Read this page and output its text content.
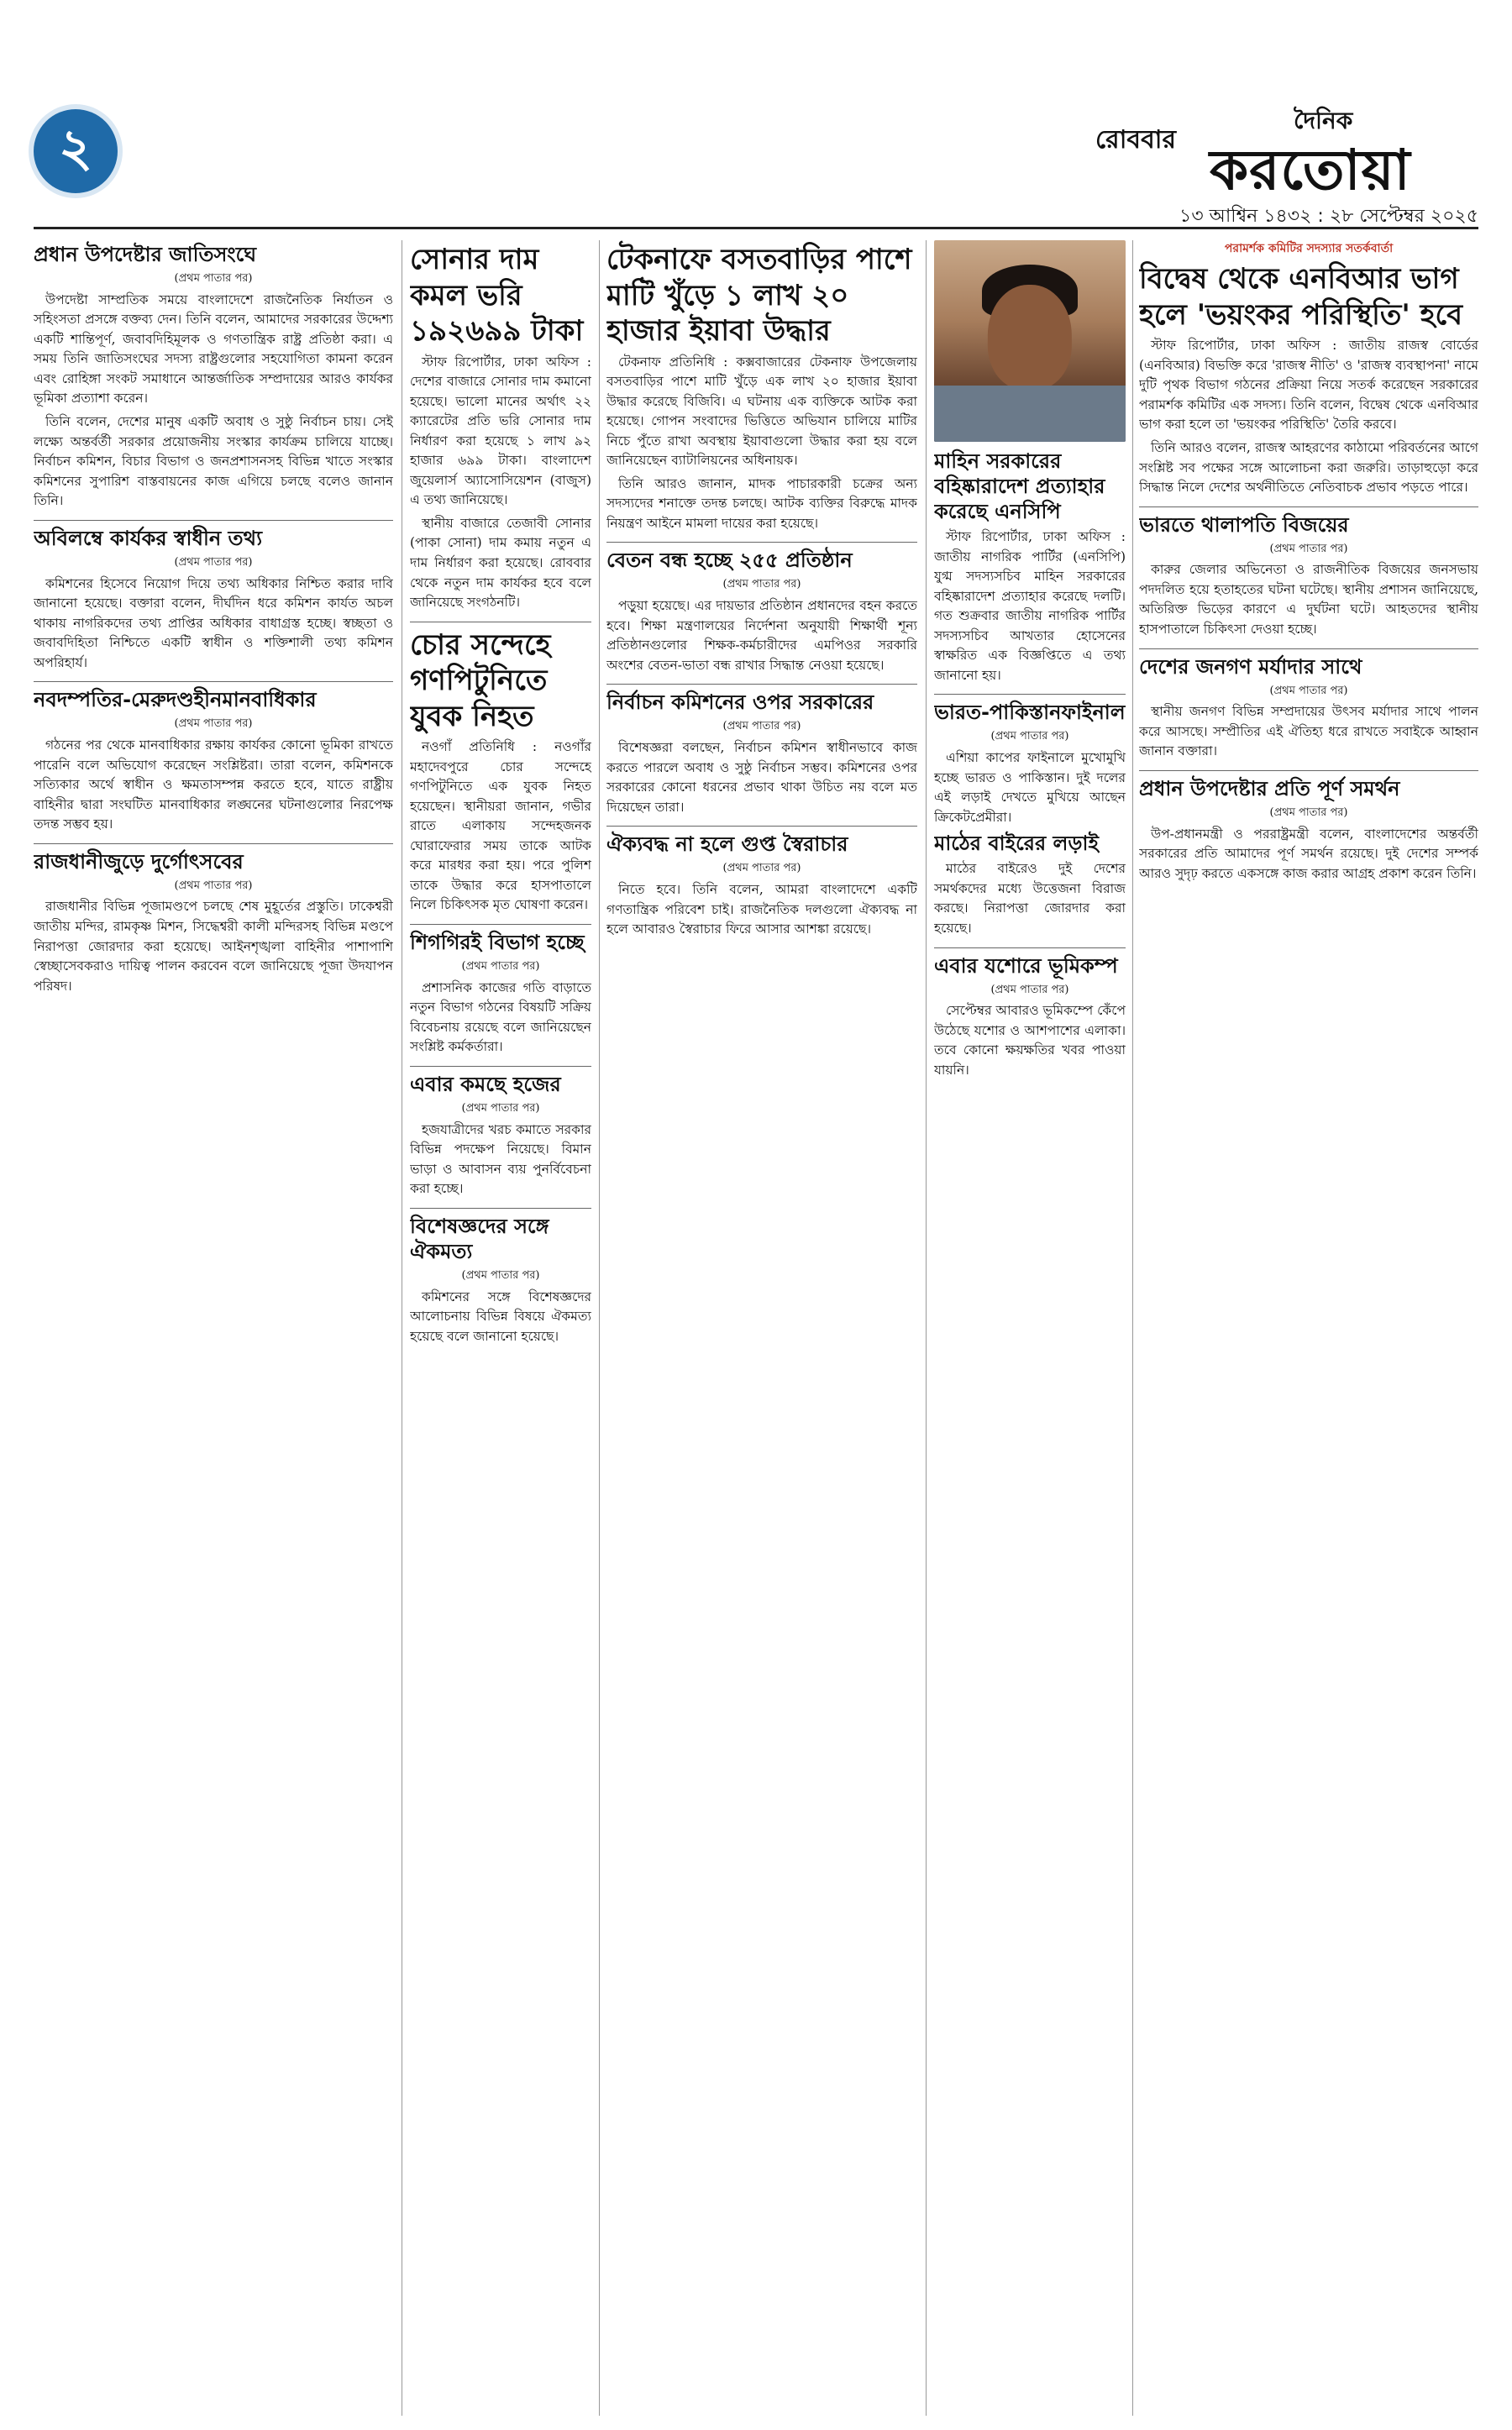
২	রোববার
দৈনিক
করতোয়া
১৩ আশ্বিন ১৪৩২ : ২৮ সেপ্টেম্বর ২০২৫
প্রধান উপদেষ্টার জাতিসংঘে
(প্রথম পাতার পর)

উপদেষ্টা সাম্প্রতিক সময়ে বাংলাদেশে রাজনৈতিক নির্যাতন ও সহিংসতা প্রসঙ্গে বক্তব্য দেন। তিনি বলেন, আমাদের সরকারের উদ্দেশ্য একটি শান্তিপূর্ণ, জবাবদিহিমূলক ও গণতান্ত্রিক রাষ্ট্র প্রতিষ্ঠা করা। এ সময় তিনি জাতিসংঘের সদস্য রাষ্ট্রগুলোর সহযোগিতা কামনা করেন এবং রোহিঙ্গা সংকট সমাধানে আন্তর্জাতিক সম্প্রদায়ের আরও কার্যকর ভূমিকা প্রত্যাশা করেন।

তিনি বলেন, দেশের মানুষ একটি অবাধ ও সুষ্ঠু নির্বাচন চায়। সেই লক্ষ্যে অন্তর্বর্তী সরকার প্রয়োজনীয় সংস্কার কার্যক্রম চালিয়ে যাচ্ছে। নির্বাচন কমিশন, বিচার বিভাগ ও জনপ্রশাসনসহ বিভিন্ন খাতে সংস্কার কমিশনের সুপারিশ বাস্তবায়নের কাজ এগিয়ে চলছে বলেও জানান তিনি।

অবিলম্বে কার্যকর স্বাধীন তথ্য
(প্রথম পাতার পর)

কমিশনের হিসেবে নিয়োগ দিয়ে তথ্য অধিকার নিশ্চিত করার দাবি জানানো হয়েছে। বক্তারা বলেন, দীর্ঘদিন ধরে কমিশন কার্যত অচল থাকায় নাগরিকদের তথ্য প্রাপ্তির অধিকার বাধাগ্রস্ত হচ্ছে। স্বচ্ছতা ও জবাবদিহিতা নিশ্চিতে একটি স্বাধীন ও শক্তিশালী তথ্য কমিশন অপরিহার্য।

নবদম্পতির-মেরুদণ্ডহীনমানবাধিকার
(প্রথম পাতার পর)

গঠনের পর থেকে মানবাধিকার রক্ষায় কার্যকর কোনো ভূমিকা রাখতে পারেনি বলে অভিযোগ করেছেন সংশ্লিষ্টরা। তারা বলেন, কমিশনকে সত্যিকার অর্থে স্বাধীন ও ক্ষমতাসম্পন্ন করতে হবে, যাতে রাষ্ট্রীয় বাহিনীর দ্বারা সংঘটিত মানবাধিকার লঙ্ঘনের ঘটনাগুলোর নিরপেক্ষ তদন্ত সম্ভব হয়।

রাজধানীজুড়ে দুর্গোৎসবের
(প্রথম পাতার পর)

রাজধানীর বিভিন্ন পূজামণ্ডপে চলছে শেষ মুহূর্তের প্রস্তুতি। ঢাকেশ্বরী জাতীয় মন্দির, রামকৃষ্ণ মিশন, সিদ্ধেশ্বরী কালী মন্দিরসহ বিভিন্ন মণ্ডপে নিরাপত্তা জোরদার করা হয়েছে। আইনশৃঙ্খলা বাহিনীর পাশাপাশি স্বেচ্ছাসেবকরাও দায়িত্ব পালন করবেন বলে জানিয়েছে পূজা উদযাপন পরিষদ।

সোনার দাম কমল ভরি ১৯২৬৯৯ টাকা

স্টাফ রিপোর্টার, ঢাকা অফিস : দেশের বাজারে সোনার দাম কমানো হয়েছে। ভালো মানের অর্থাৎ ২২ ক্যারেটের প্রতি ভরি সোনার দাম নির্ধারণ করা হয়েছে ১ লাখ ৯২ হাজার ৬৯৯ টাকা। বাংলাদেশ জুয়েলার্স অ্যাসোসিয়েশন (বাজুস) এ তথ্য জানিয়েছে।

স্থানীয় বাজারে তেজাবী সোনার (পাকা সোনা) দাম কমায় নতুন এ দাম নির্ধারণ করা হয়েছে। রোববার থেকে নতুন দাম কার্যকর হবে বলে জানিয়েছে সংগঠনটি।

চোর সন্দেহে গণপিটুনিতে যুবক নিহত

নওগাঁ প্রতিনিধি : নওগাঁর মহাদেবপুরে চোর সন্দেহে গণপিটুনিতে এক যুবক নিহত হয়েছেন। স্থানীয়রা জানান, গভীর রাতে এলাকায় সন্দেহজনক ঘোরাফেরার সময় তাকে আটক করে মারধর করা হয়। পরে পুলিশ তাকে উদ্ধার করে হাসপাতালে নিলে চিকিৎসক মৃত ঘোষণা করেন।

শিগগিরই বিভাগ হচ্ছে
(প্রথম পাতার পর)

প্রশাসনিক কাজের গতি বাড়াতে নতুন বিভাগ গঠনের বিষয়টি সক্রিয় বিবেচনায় রয়েছে বলে জানিয়েছেন সংশ্লিষ্ট কর্মকর্তারা।

এবার কমছে হজের
(প্রথম পাতার পর)

হজযাত্রীদের খরচ কমাতে সরকার বিভিন্ন পদক্ষেপ নিয়েছে। বিমান ভাড়া ও আবাসন ব্যয় পুনর্বিবেচনা করা হচ্ছে।

বিশেষজ্ঞদের সঙ্গে ঐকমত্য
(প্রথম পাতার পর)

কমিশনের সঙ্গে বিশেষজ্ঞদের আলোচনায় বিভিন্ন বিষয়ে ঐকমত্য হয়েছে বলে জানানো হয়েছে।

টেকনাফে বসতবাড়ির পাশে মাটি খুঁড়ে ১ লাখ ২০ হাজার ইয়াবা উদ্ধার

টেকনাফ প্রতিনিধি : কক্সবাজারের টেকনাফ উপজেলায় বসতবাড়ির পাশে মাটি খুঁড়ে এক লাখ ২০ হাজার ইয়াবা উদ্ধার করেছে বিজিবি। এ ঘটনায় এক ব্যক্তিকে আটক করা হয়েছে। গোপন সংবাদের ভিত্তিতে অভিযান চালিয়ে মাটির নিচে পুঁতে রাখা অবস্থায় ইয়াবাগুলো উদ্ধার করা হয় বলে জানিয়েছেন ব্যাটালিয়নের অধিনায়ক।

তিনি আরও জানান, মাদক পাচারকারী চক্রের অন্য সদস্যদের শনাক্তে তদন্ত চলছে। আটক ব্যক্তির বিরুদ্ধে মাদক নিয়ন্ত্রণ আইনে মামলা দায়ের করা হয়েছে।

বেতন বন্ধ হচ্ছে ২৫৫ প্রতিষ্ঠান
(প্রথম পাতার পর)

পড়ুয়া হয়েছে। এর দায়ভার প্রতিষ্ঠান প্রধানদের বহন করতে হবে। শিক্ষা মন্ত্রণালয়ের নির্দেশনা অনুযায়ী শিক্ষার্থী শূন্য প্রতিষ্ঠানগুলোর শিক্ষক-কর্মচারীদের এমপিওর সরকারি অংশের বেতন-ভাতা বন্ধ রাখার সিদ্ধান্ত নেওয়া হয়েছে।

নির্বাচন কমিশনের ওপর সরকারের
(প্রথম পাতার পর)

বিশেষজ্ঞরা বলছেন, নির্বাচন কমিশন স্বাধীনভাবে কাজ করতে পারলে অবাধ ও সুষ্ঠু নির্বাচন সম্ভব। কমিশনের ওপর সরকারের কোনো ধরনের প্রভাব থাকা উচিত নয় বলে মত দিয়েছেন তারা।

ঐক্যবদ্ধ না হলে গুপ্ত স্বৈরাচার
(প্রথম পাতার পর)

নিতে হবে। তিনি বলেন, আমরা বাংলাদেশে একটি গণতান্ত্রিক পরিবেশ চাই। রাজনৈতিক দলগুলো ঐক্যবদ্ধ না হলে আবারও স্বৈরাচার ফিরে আসার আশঙ্কা রয়েছে।

মাহিন সরকারের বহিষ্কারাদেশ প্রত্যাহার করেছে এনসিপি

স্টাফ রিপোর্টার, ঢাকা অফিস : জাতীয় নাগরিক পার্টির (এনসিপি) যুগ্ম সদস্যসচিব মাহিন সরকারের বহিষ্কারাদেশ প্রত্যাহার করেছে দলটি। গত শুক্রবার জাতীয় নাগরিক পার্টির সদস্যসচিব আখতার হোসেনের স্বাক্ষরিত এক বিজ্ঞপ্তিতে এ তথ্য জানানো হয়।

ভারত-পাকিস্তানফাইনাল
(প্রথম পাতার পর)

এশিয়া কাপের ফাইনালে মুখোমুখি হচ্ছে ভারত ও পাকিস্তান। দুই দলের এই লড়াই দেখতে মুখিয়ে আছেন ক্রিকেটপ্রেমীরা।

মাঠের বাইরের লড়াই

মাঠের বাইরেও দুই দেশের সমর্থকদের মধ্যে উত্তেজনা বিরাজ করছে। নিরাপত্তা জোরদার করা হয়েছে।

এবার যশোরে ভূমিকম্প
(প্রথম পাতার পর)

সেপ্টেম্বর আবারও ভূমিকম্পে কেঁপে উঠেছে যশোর ও আশপাশের এলাকা। তবে কোনো ক্ষয়ক্ষতির খবর পাওয়া যায়নি।

পরামর্শক কমিটির সদস্যার সতর্কবার্তা
বিদ্বেষ থেকে এনবিআর ভাগ হলে 'ভয়ংকর পরিস্থিতি' হবে

স্টাফ রিপোর্টার, ঢাকা অফিস : জাতীয় রাজস্ব বোর্ডের (এনবিআর) বিভক্তি করে 'রাজস্ব নীতি' ও 'রাজস্ব ব্যবস্থাপনা' নামে দুটি পৃথক বিভাগ গঠনের প্রক্রিয়া নিয়ে সতর্ক করেছেন সরকারের পরামর্শক কমিটির এক সদস্য। তিনি বলেন, বিদ্বেষ থেকে এনবিআর ভাগ করা হলে তা 'ভয়ংকর পরিস্থিতি' তৈরি করবে।

তিনি আরও বলেন, রাজস্ব আহরণের কাঠামো পরিবর্তনের আগে সংশ্লিষ্ট সব পক্ষের সঙ্গে আলোচনা করা জরুরি। তাড়াহুড়ো করে সিদ্ধান্ত নিলে দেশের অর্থনীতিতে নেতিবাচক প্রভাব পড়তে পারে।

ভারতে থালাপতি বিজয়ের
(প্রথম পাতার পর)

কারুর জেলার অভিনেতা ও রাজনীতিক বিজয়ের জনসভায় পদদলিত হয়ে হতাহতের ঘটনা ঘটেছে। স্থানীয় প্রশাসন জানিয়েছে, অতিরিক্ত ভিড়ের কারণে এ দুর্ঘটনা ঘটে। আহতদের স্থানীয় হাসপাতালে চিকিৎসা দেওয়া হচ্ছে।

দেশের জনগণ মর্যাদার সাথে
(প্রথম পাতার পর)

স্থানীয় জনগণ বিভিন্ন সম্প্রদায়ের উৎসব মর্যাদার সাথে পালন করে আসছে। সম্প্রীতির এই ঐতিহ্য ধরে রাখতে সবাইকে আহ্বান জানান বক্তারা।

প্রধান উপদেষ্টার প্রতি পূর্ণ সমর্থন
(প্রথম পাতার পর)

উপ-প্রধানমন্ত্রী ও পররাষ্ট্রমন্ত্রী বলেন, বাংলাদেশের অন্তর্বর্তী সরকারের প্রতি আমাদের পূর্ণ সমর্থন রয়েছে। দুই দেশের সম্পর্ক আরও সুদৃঢ় করতে একসঙ্গে কাজ করার আগ্রহ প্রকাশ করেন তিনি।
